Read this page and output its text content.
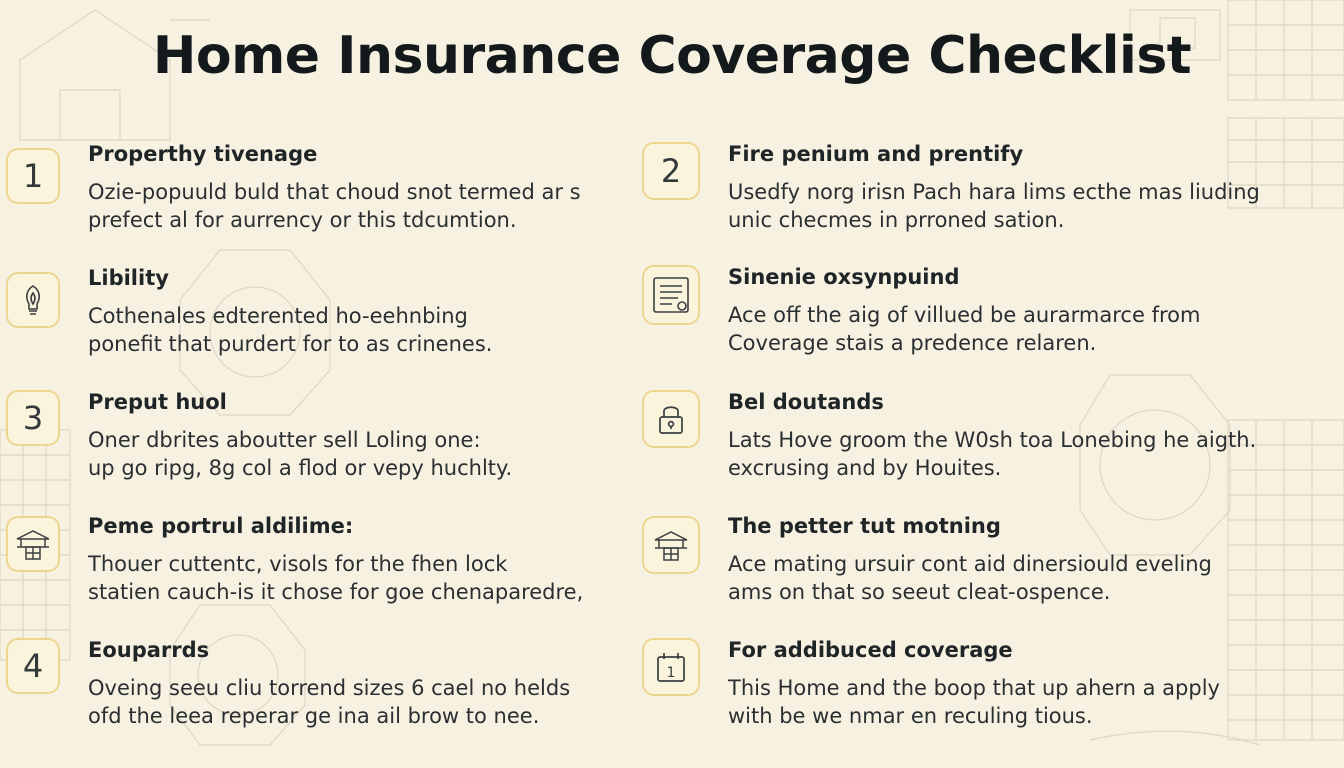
Home Insurance Coverage Checklist
1
Properthy tivenage
Ozie-popuuld buld that choud snot termed ar s
prefect al for aurrency or this tdcumtion.
Libility
Cothenales edterented ho-eehnbing
ponefit that purdert for to as crinenes.
3	Preput huol
Oner dbrites aboutter sell Loling one:
up go ripg, 8g col a flod or vepy huchlty.
Peme portrul aldilime:
Thouer cuttentc, visols for the fhen lock
statien cauch-is it chose for goe chenaparedre,
4	Eouparrds
Oveing seeu cliu torrend sizes 6 cael no helds
ofd the leea reperar ge ina ail brow to nee.
2	Fire penium and prentify
Usedfy norg irisn Pach hara lims ecthe mas liuding
unic checmes in prroned sation.
Sinenie oxsynpuind
Ace off the aig of villued be aurarmarce from
Coverage stais a predence relaren.
Bel doutands
Lats Hove groom the W0sh toa Lonebing he aigth.
excrusing and by Houites.
The petter tut motning
Ace mating ursuir cont aid dinersiould eveling
ams on that so seeut cleat-ospence.
1
For addibuced coverage
This Home and the boop that up ahern a apply
with be we nmar en reculing tious.
